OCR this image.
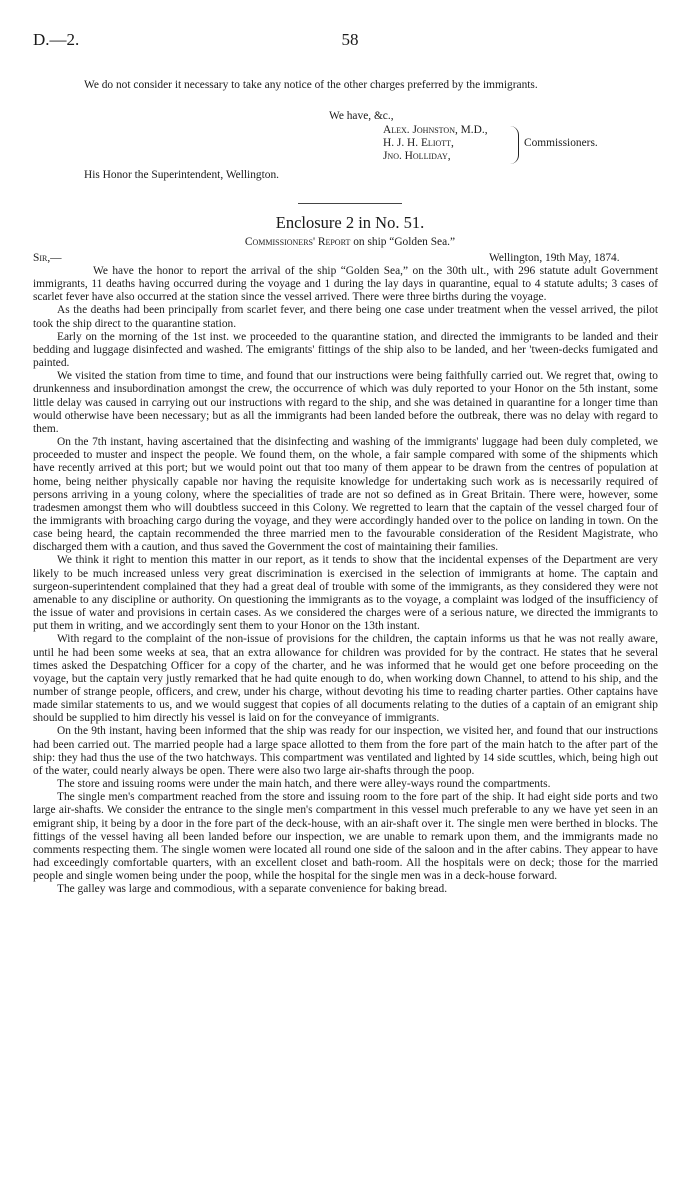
D.—2.	58

We do not consider it necessary to take any notice of the other charges preferred by the immigrants.

We have, &c.,
Alex. Johnston, M.D.,
H. J. H. Eliott,
Jno. Holliday,
Commissioners.
His Honor the Superintendent, Wellington.
Enclosure 2 in No. 51.
Commissioners' Report on ship “Golden Sea.”
Sir,—	Wellington, 19th May, 1874.

We have the honor to report the arrival of the ship “Golden Sea,” on the 30th ult., with 296 statute adult Government immigrants, 11 deaths having occurred during the voyage and 1 during the lay days in quarantine, equal to 4 statute adults; 3 cases of scarlet fever have also occurred at the station since the vessel arrived. There were three births during the voyage.

As the deaths had been principally from scarlet fever, and there being one case under treatment when the vessel arrived, the pilot took the ship direct to the quarantine station.

Early on the morning of the 1st inst. we proceeded to the quarantine station, and directed the immigrants to be landed and their bedding and luggage disinfected and washed. The emigrants' fittings of the ship also to be landed, and her 'tween-decks fumigated and painted.

We visited the station from time to time, and found that our instructions were being faithfully carried out. We regret that, owing to drunkenness and insubordination amongst the crew, the occurrence of which was duly reported to your Honor on the 5th instant, some little delay was caused in carrying out our instructions with regard to the ship, and she was detained in quarantine for a longer time than would otherwise have been necessary; but as all the immigrants had been landed before the outbreak, there was no delay with regard to them.

On the 7th instant, having ascertained that the disinfecting and washing of the immigrants' luggage had been duly completed, we proceeded to muster and inspect the people. We found them, on the whole, a fair sample compared with some of the shipments which have recently arrived at this port; but we would point out that too many of them appear to be drawn from the centres of population at home, being neither physically capable nor having the requisite knowledge for undertaking such work as is necessarily required of persons arriving in a young colony, where the specialities of trade are not so defined as in Great Britain. There were, however, some tradesmen amongst them who will doubtless succeed in this Colony. We regretted to learn that the captain of the vessel charged four of the immigrants with broaching cargo during the voyage, and they were accordingly handed over to the police on landing in town. On the case being heard, the captain recommended the three married men to the favourable consideration of the Resident Magistrate, who discharged them with a caution, and thus saved the Government the cost of maintaining their families.

We think it right to mention this matter in our report, as it tends to show that the incidental expenses of the Department are very likely to be much increased unless very great discrimination is exercised in the selection of immigrants at home. The captain and surgeon-superintendent complained that they had a great deal of trouble with some of the immigrants, as they considered they were not amenable to any discipline or authority. On questioning the immigrants as to the voyage, a complaint was lodged of the insufficiency of the issue of water and provisions in certain cases. As we considered the charges were of a serious nature, we directed the immigrants to put them in writing, and we accordingly sent them to your Honor on the 13th instant.

With regard to the complaint of the non-issue of provisions for the children, the captain informs us that he was not really aware, until he had been some weeks at sea, that an extra allowance for children was provided for by the contract. He states that he several times asked the Despatching Officer for a copy of the charter, and he was informed that he would get one before proceeding on the voyage, but the captain very justly remarked that he had quite enough to do, when working down Channel, to attend to his ship, and the number of strange people, officers, and crew, under his charge, without devoting his time to reading charter parties. Other captains have made similar statements to us, and we would suggest that copies of all documents relating to the duties of a captain of an emigrant ship should be supplied to him directly his vessel is laid on for the conveyance of immigrants.

On the 9th instant, having been informed that the ship was ready for our inspection, we visited her, and found that our instructions had been carried out. The married people had a large space allotted to them from the fore part of the main hatch to the after part of the ship: they had thus the use of the two hatchways. This compartment was ventilated and lighted by 14 side scuttles, which, being high out of the water, could nearly always be open. There were also two large air-shafts through the poop.

The store and issuing rooms were under the main hatch, and there were alley-ways round the compartments.

The single men's compartment reached from the store and issuing room to the fore part of the ship. It had eight side ports and two large air-shafts. We consider the entrance to the single men's compartment in this vessel much preferable to any we have yet seen in an emigrant ship, it being by a door in the fore part of the deck-house, with an air-shaft over it. The single men were berthed in blocks. The fittings of the vessel having all been landed before our inspection, we are unable to remark upon them, and the immigrants made no comments respecting them. The single women were located all round one side of the saloon and in the after cabins. They appear to have had exceedingly comfortable quarters, with an excellent closet and bath-room. All the hospitals were on deck; those for the married people and single women being under the poop, while the hospital for the single men was in a deck-house forward.

The galley was large and commodious, with a separate convenience for baking bread.
